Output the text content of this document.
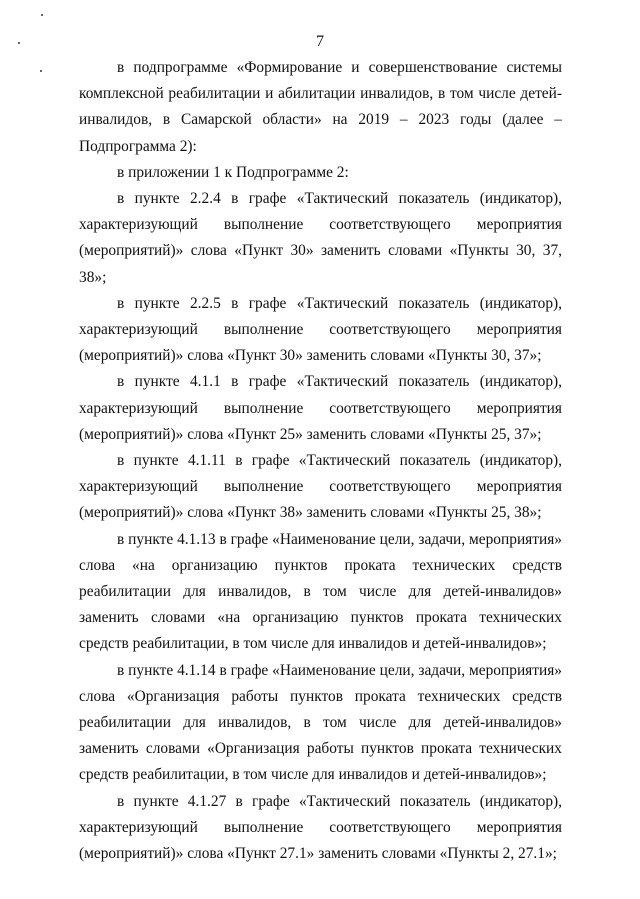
7

в подпрограмме «Формирование и совершенствование системы комплексной реабилитации и абилитации инвалидов, в том числе детей-инвалидов, в Самарской области» на 2019 – 2023 годы (далее – Подпрограмма 2):

в приложении 1 к Подпрограмме 2:

в пункте 2.2.4 в графе «Тактический показатель (индикатор), характеризующий выполнение соответствующего мероприятия (мероприятий)» слова «Пункт 30» заменить словами «Пункты 30, 37, 38»;

в пункте 2.2.5 в графе «Тактический показатель (индикатор), характеризующий выполнение соответствующего мероприятия (мероприятий)» слова «Пункт 30» заменить словами «Пункты 30, 37»;

в пункте 4.1.1 в графе «Тактический показатель (индикатор), характеризующий выполнение соответствующего мероприятия (мероприятий)» слова «Пункт 25» заменить словами «Пункты 25, 37»;

в пункте 4.1.11 в графе «Тактический показатель (индикатор), характеризующий выполнение соответствующего мероприятия (мероприятий)» слова «Пункт 38» заменить словами «Пункты 25, 38»;

в пункте 4.1.13 в графе «Наименование цели, задачи, мероприятия» слова «на организацию пунктов проката технических средств реабилитации для инвалидов, в том числе для детей-инвалидов» заменить словами «на организацию пунктов проката технических средств реабилитации, в том числе для инвалидов и детей-инвалидов»;

в пункте 4.1.14 в графе «Наименование цели, задачи, мероприятия» слова «Организация работы пунктов проката технических средств реабилитации для инвалидов, в том числе для детей-инвалидов» заменить словами «Организация работы пунктов проката технических средств реабилитации, в том числе для инвалидов и детей-инвалидов»;

в пункте 4.1.27 в графе «Тактический показатель (индикатор), характеризующий выполнение соответствующего мероприятия (мероприятий)» слова «Пункт 27.1» заменить словами «Пункты 2, 27.1»;
